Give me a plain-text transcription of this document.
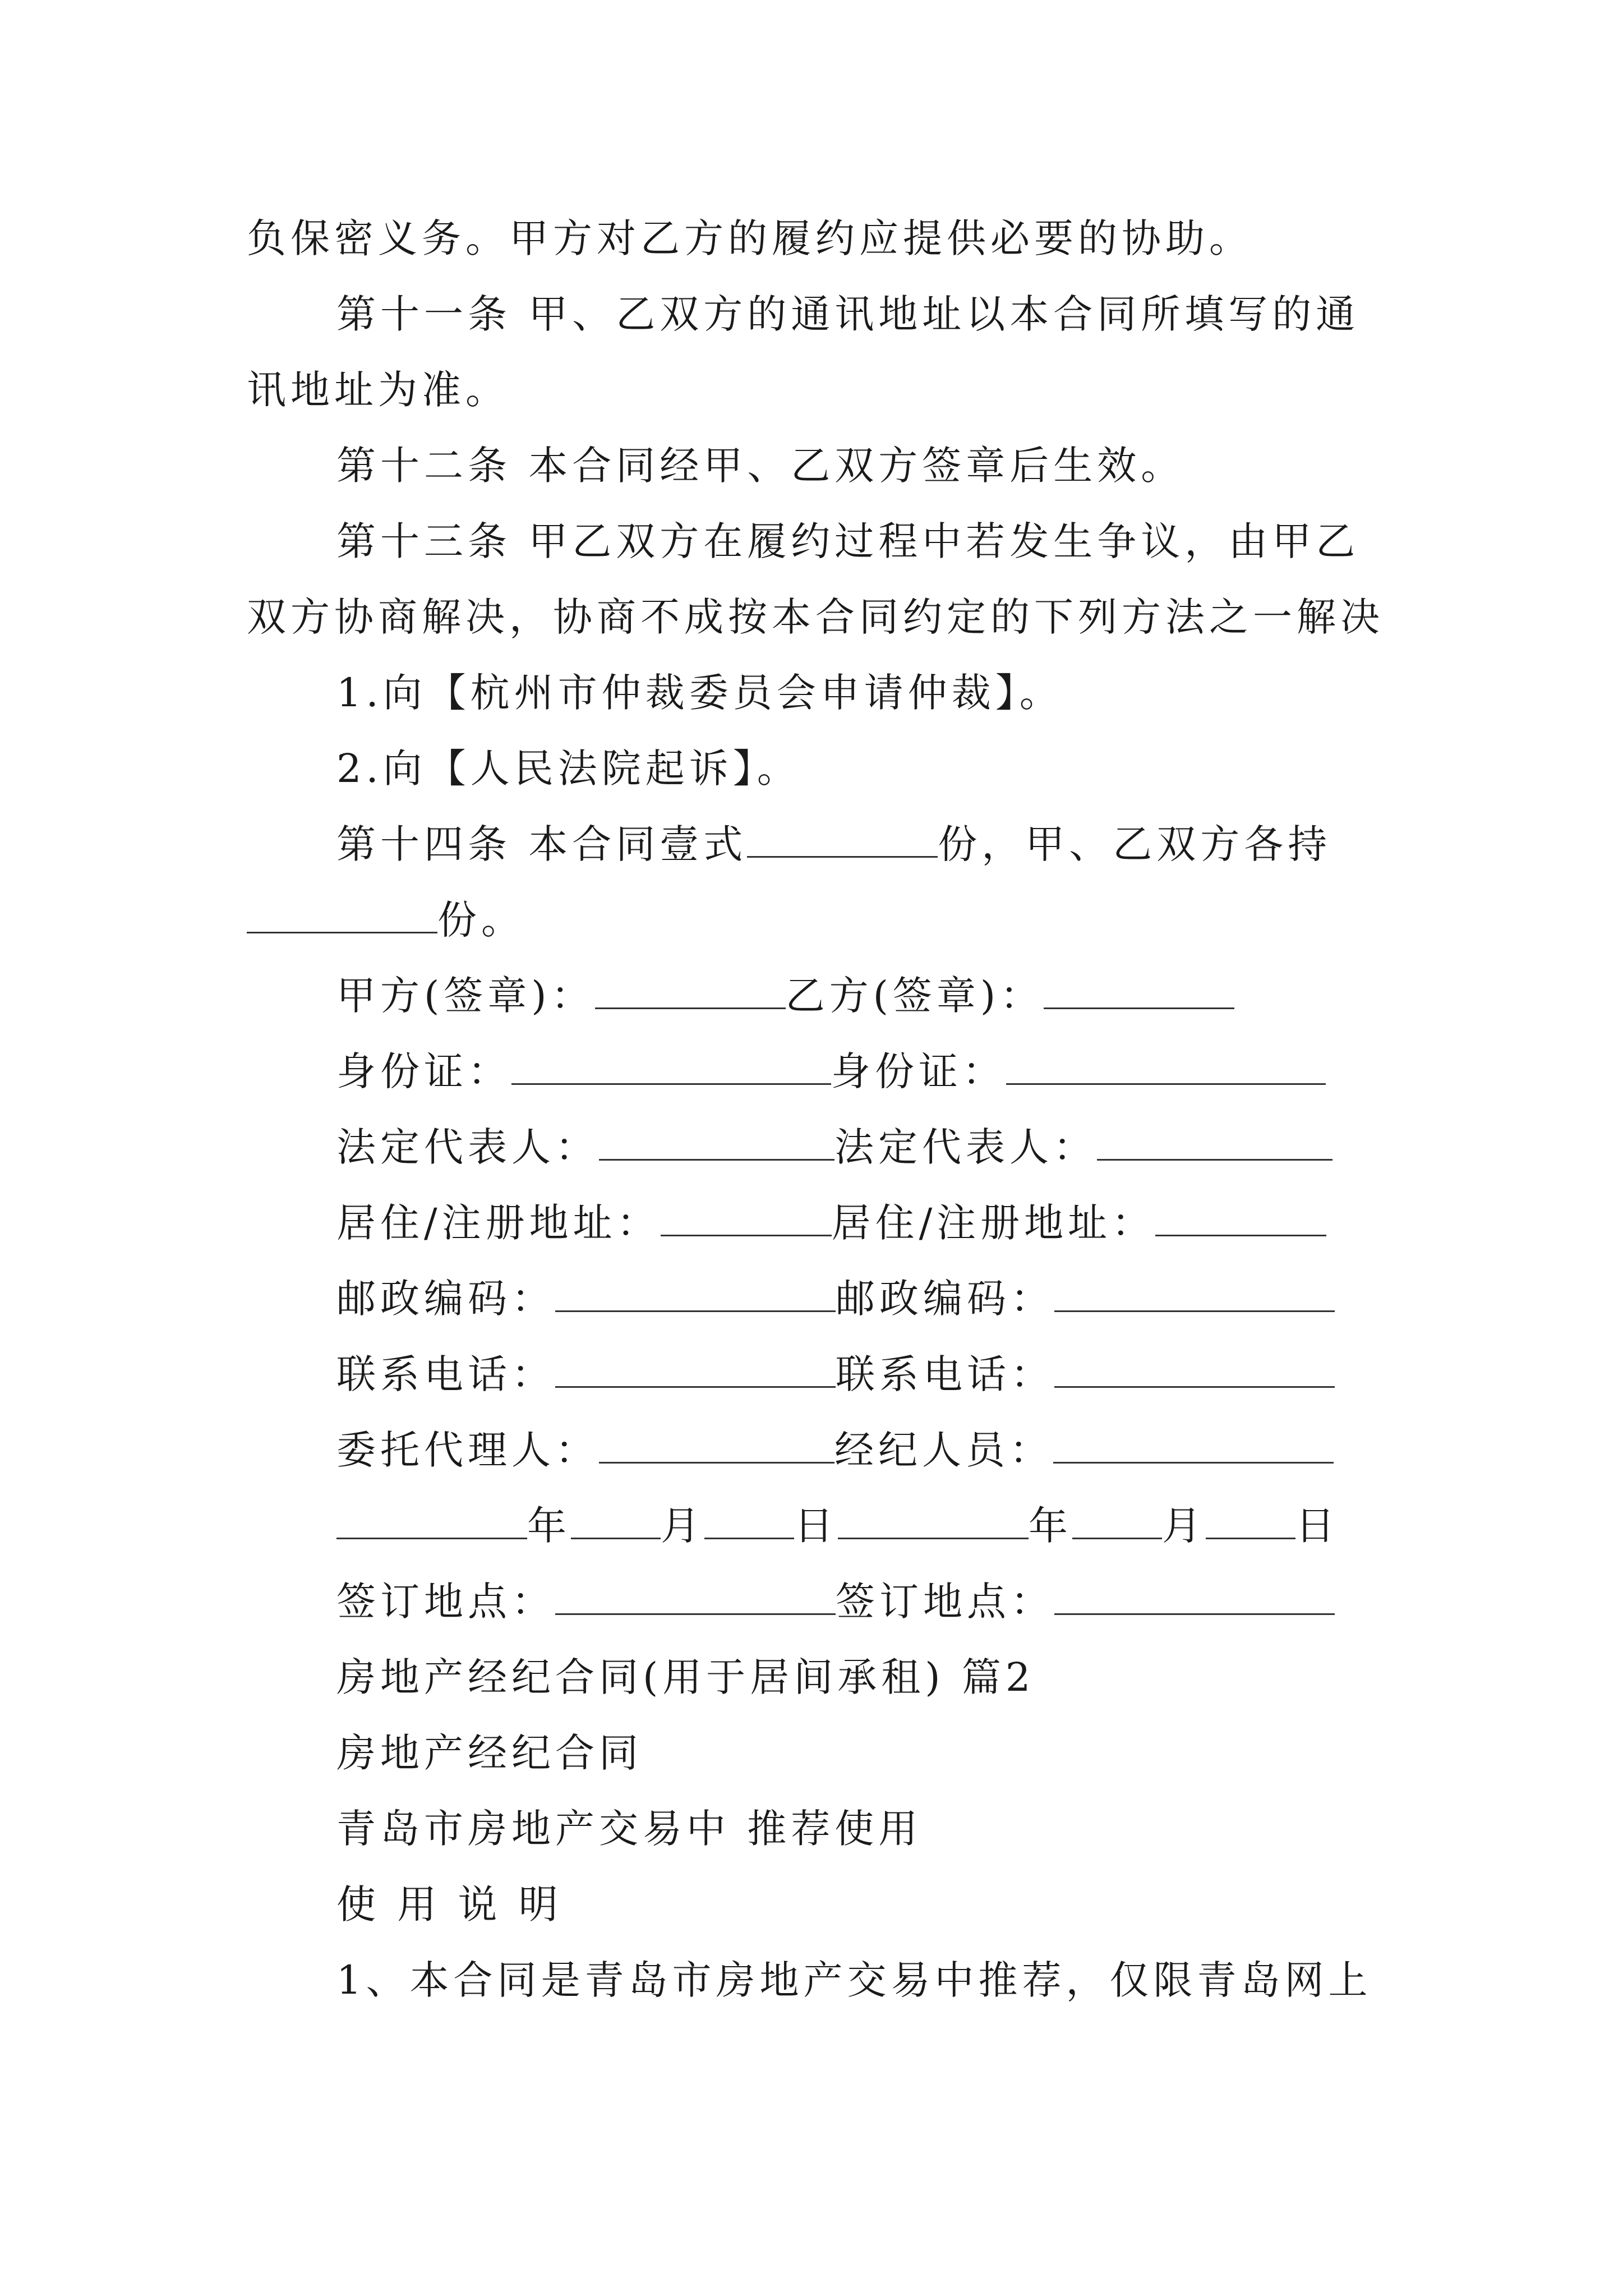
负保密义务。甲方对乙方的履约应提供必要的协助。
第十一条 甲、乙双方的通讯地址以本合同所填写的通
讯地址为准。
第十二条 本合同经甲、乙双方签章后生效。
第十三条 甲乙双方在履约过程中若发生争议，由甲乙
双方协商解决，协商不成按本合同约定的下列方法之一解决
1.向【杭州市仲裁委员会申请仲裁】。
2.向【人民法院起诉】。
第十四条 本合同壹式	份，甲、乙双方各持
份。
甲方(签章)：	乙方(签章)：
身份证：	身份证：
法定代表人：	法定代表人：
居住/注册地址：	居住/注册地址：
邮政编码：	邮政编码：
联系电话：	联系电话：
委托代理人：	经纪人员：
年 月 日	年 月 日
签订地点：	签订地点：
房地产经纪合同(用于居间承租) 篇2
房地产经纪合同
青岛市房地产交易中 推荐使用
使 用 说 明
1、本合同是青岛市房地产交易中推荐，仅限青岛网上
